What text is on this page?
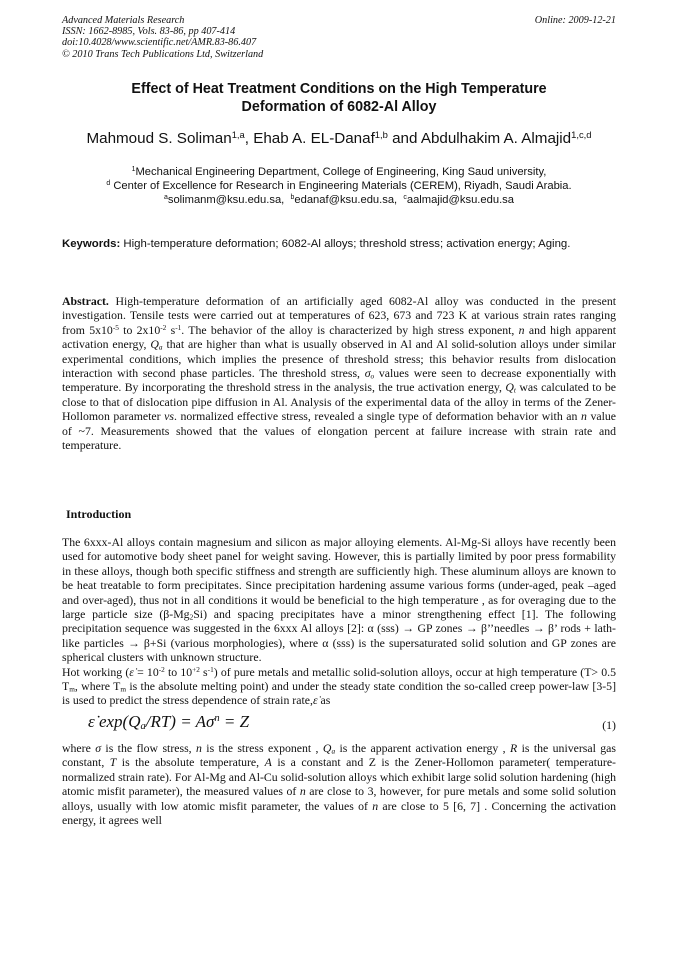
Advanced Materials Research
ISSN: 1662-8985, Vols. 83-86, pp 407-414
doi:10.4028/www.scientific.net/AMR.83-86.407
© 2010 Trans Tech Publications Ltd, Switzerland
Online: 2009-12-21
Effect of Heat Treatment Conditions on the High Temperature
Deformation of 6082-Al Alloy
Mahmoud S. Soliman$^{1,a}$, Ehab A. EL-Danaf$^{1,b}$ and Abdulhakim A. Almajid$^{1,c,d}$
$^1$Mechanical Engineering Department, College of Engineering, King Saud university,
$^d$ Center of Excellence for Research in Engineering Materials (CEREM), Riyadh, Saudi Arabia.
$^a$solimanm@ksu.edu.sa, $^b$edanaf@ksu.edu.sa, $^c$aalmajid@ksu.edu.sa
Keywords: High-temperature deformation; 6082-Al alloys; threshold stress; activation energy; Aging.
Abstract. High-temperature deformation of an artificially aged 6082-Al alloy was conducted in the present investigation. Tensile tests were carried out at temperatures of 623, 673 and 723 K at various strain rates ranging from $5x10^{-5}$ to $2x10^{-2}$ $s^{-1}$. The behavior of the alloy is characterized by high stress exponent, n and high apparent activation energy, $Q_a$ that are higher than what is usually observed in Al and Al solid-solution alloys under similar experimental conditions, which implies the presence of threshold stress; this behavior results from dislocation interaction with second phase particles. The threshold stress, $\sigma_o$ values were seen to decrease exponentially with temperature. By incorporating the threshold stress in the analysis, the true activation energy, $Q_t$ was calculated to be close to that of dislocation pipe diffusion in Al. Analysis of the experimental data of the alloy in terms of the Zener- Hollomon parameter vs. normalized effective stress, revealed a single type of deformation behavior with an n value of ~7. Measurements showed that the values of elongation percent at failure increase with strain rate and temperature.
Introduction

The 6xxx-Al alloys contain magnesium and silicon as major alloying elements. Al-Mg-Si alloys have recently been used for automotive body sheet panel for weight saving. However, this is partially limited by poor press formability in these alloys, though both specific stiffness and strength are sufficiently high. These aluminum alloys are known to be heat treatable to form precipitates. Since precipitation hardening assume various forms (under-aged, peak –aged and over-aged), thus not in all conditions it would be beneficial to the high temperature , as for overaging due to the large particle size $(\beta-Mg_2Si)$ and spacing precipitates have a minor strengthening effect [1]. The following precipitation sequence was suggested in the 6xxx Al alloys [2]: α (sss) → GP zones → β’’needles → β’ rods + lath-like particles → β+Si (various morphologies), where α (sss) is the supersaturated solid solution and GP zones are spherical clusters with unknown structure.

Hot working (ε̇ = $10^{-2}$ to $10^{+2}$ $s^{-1}$) of pure metals and metallic solid-solution alloys, occur at high temperature (T> 0.5 $T_m$, where $T_m$ is the absolute melting point) and under the steady state condition the so-called creep power-law [3-5] is used to predict the stress dependence of strain rate,ε̇ as

ε̇ $\exp(Q_a/RT) = A\sigma^n = Z$	(1)

where σ is the flow stress, n is the stress exponent , $Q_a$ is the apparent activation energy , R is the universal gas constant, T is the absolute temperature, A is a constant and Z is the Zener-Hollomon parameter( temperature-normalized strain rate). For Al-Mg and Al-Cu solid-solution alloys which exhibit large solid solution hardening (high atomic misfit parameter), the measured values of n are close to 3, however, for pure metals and some solid solution alloys, usually with low atomic misfit parameter, the values of n are close to 5 [6, 7] . Concerning the activation energy, it agrees well
